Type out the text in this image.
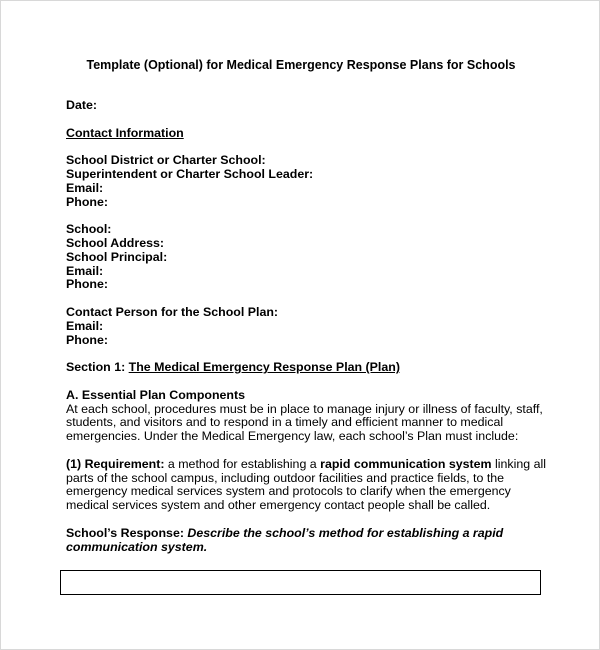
Template (Optional) for Medical Emergency Response Plans for Schools

Date:

Contact Information

School District or Charter School:

Superintendent or Charter School Leader:

Email:

Phone:

School:

School Address:

School Principal:

Email:

Phone:

Contact Person for the School Plan:

Email:

Phone:

Section 1: The Medical Emergency Response Plan (Plan)

A. Essential Plan Components

At each school, procedures must be in place to manage injury or illness of faculty, staff,

students, and visitors and to respond in a timely and efficient manner to medical

emergencies. Under the Medical Emergency law, each school’s Plan must include:

(1) Requirement: a method for establishing a rapid communication system linking all

parts of the school campus, including outdoor facilities and practice fields, to the

emergency medical services system and protocols to clarify when the emergency

medical services system and other emergency contact people shall be called.

School’s Response: Describe the school’s method for establishing a rapid

communication system.
